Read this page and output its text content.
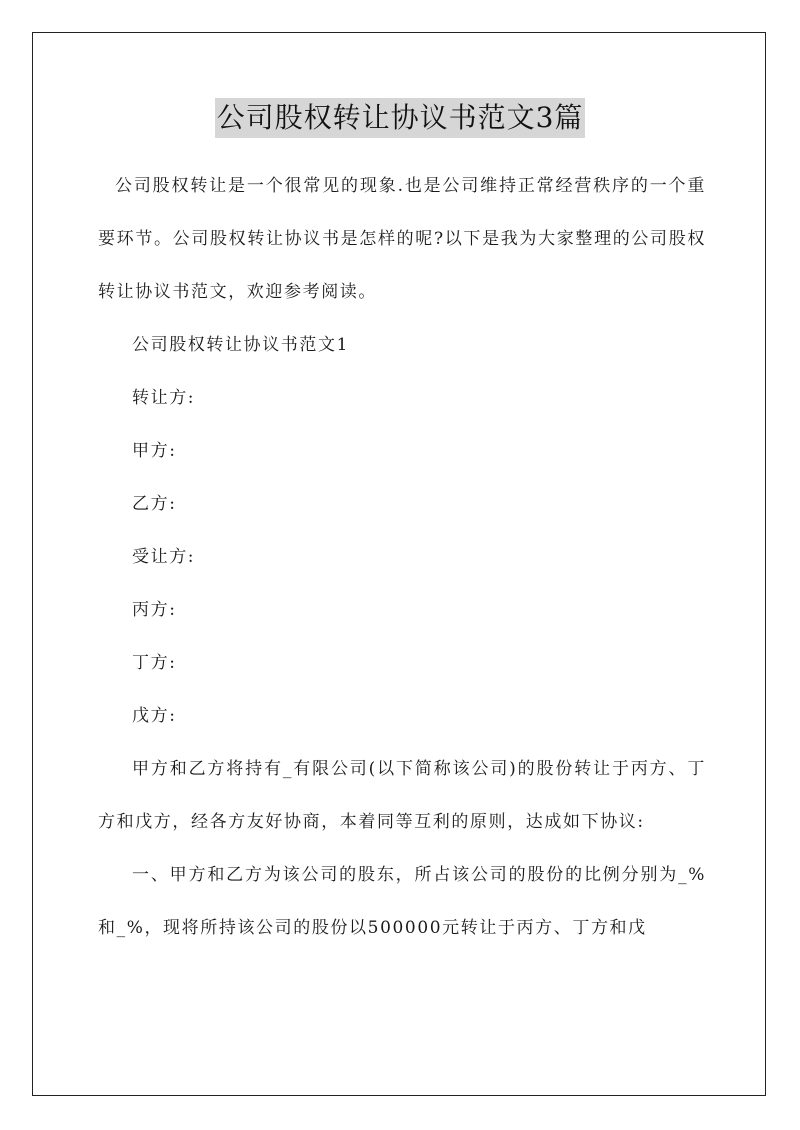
公司股权转让协议书范文3篇

公司股权转让是一个很常见的现象.也是公司维持正常经营秩序的一个重要环节。公司股权转让协议书是怎样的呢?以下是我为大家整理的公司股权转让协议书范文，欢迎参考阅读。

公司股权转让协议书范文1

转让方:

甲方:

乙方:

受让方:

丙方:

丁方:

戊方:

甲方和乙方将持有_有限公司(以下简称该公司)的股份转让于丙方、丁方和戊方，经各方友好协商，本着同等互利的原则，达成如下协议:

一、甲方和乙方为该公司的股东，所占该公司的股份的比例分别为_%和_%，现将所持该公司的股份以500000元转让于丙方、丁方和戊
